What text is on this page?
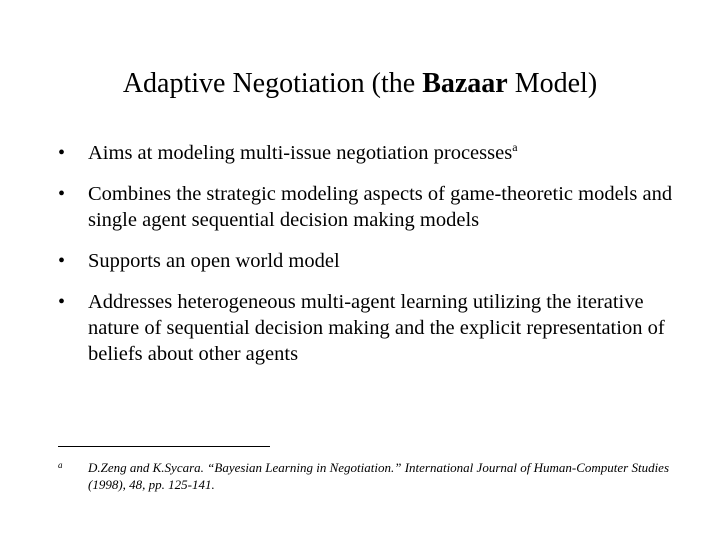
Adaptive Negotiation (the Bazaar Model)
• Aims at modeling multi-issue negotiation processes$^a$
• Combines the strategic modeling aspects of game-theoretic models and single agent sequential decision making models
• Supports an open world model
• Addresses heterogeneous multi-agent learning utilizing the iterative nature of sequential decision making and the explicit representation of beliefs about other agents
$^a$ D.Zeng and K.Sycara. “Bayesian Learning in Negotiation.” International Journal of Human-Computer Studies (1998), 48, pp. 125-141.
